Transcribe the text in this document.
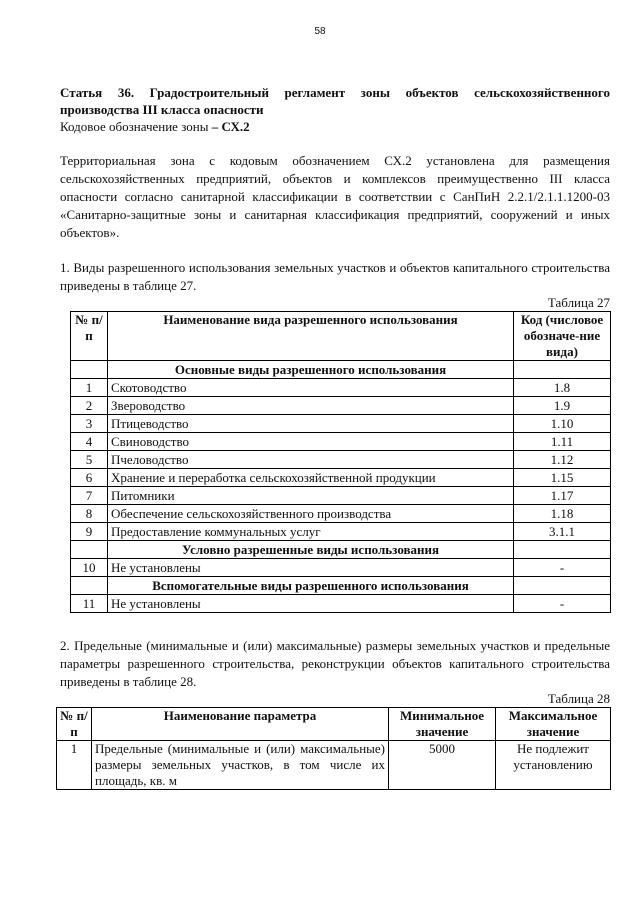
58

Статья 36. Градостроительный регламент зоны объектов сельскохозяйственного производства III класса опасности

Кодовое обозначение зоны – СХ.2

Территориальная зона с кодовым обозначением СХ.2 установлена для размещения сельскохозяйственных предприятий, объектов и комплексов преимущественно III класса опасности согласно санитарной классификации в соответствии с СанПиН 2.2.1/2.1.1.1200-03 «Санитарно-защитные зоны и санитарная классификация предприятий, сооружений и иных объектов».

1. Виды разрешенного использования земельных участков и объектов капитального строительства приведены в таблице 27.

Таблица 27

№ п/ п	Наименование вида разрешенного использования	Код (числовое обозначе-ние вида)
	Основные виды разрешенного использования	
1	Скотоводство	1.8
2	Звероводство	1.9
3	Птицеводство	1.10
4	Свиноводство	1.11
5	Пчеловодство	1.12
6	Хранение и переработка сельскохозяйственной продукции	1.15
7	Питомники	1.17
8	Обеспечение сельскохозяйственного производства	1.18
9	Предоставление коммунальных услуг	3.1.1
	Условно разрешенные виды использования	
10	Не установлены	-
	Вспомогательные виды разрешенного использования	
11	Не установлены	-

2. Предельные (минимальные и (или) максимальные) размеры земельных участков и предельные параметры разрешенного строительства, реконструкции объектов капитального строительства приведены в таблице 28.

Таблица 28

№ п/п	Наименование параметра	Минимальное значение	Максимальное значение
1	Предельные (минимальные и (или) максимальные) размеры земельных участков, в том числе их площадь, кв. м	5000	Не подлежит установлению
